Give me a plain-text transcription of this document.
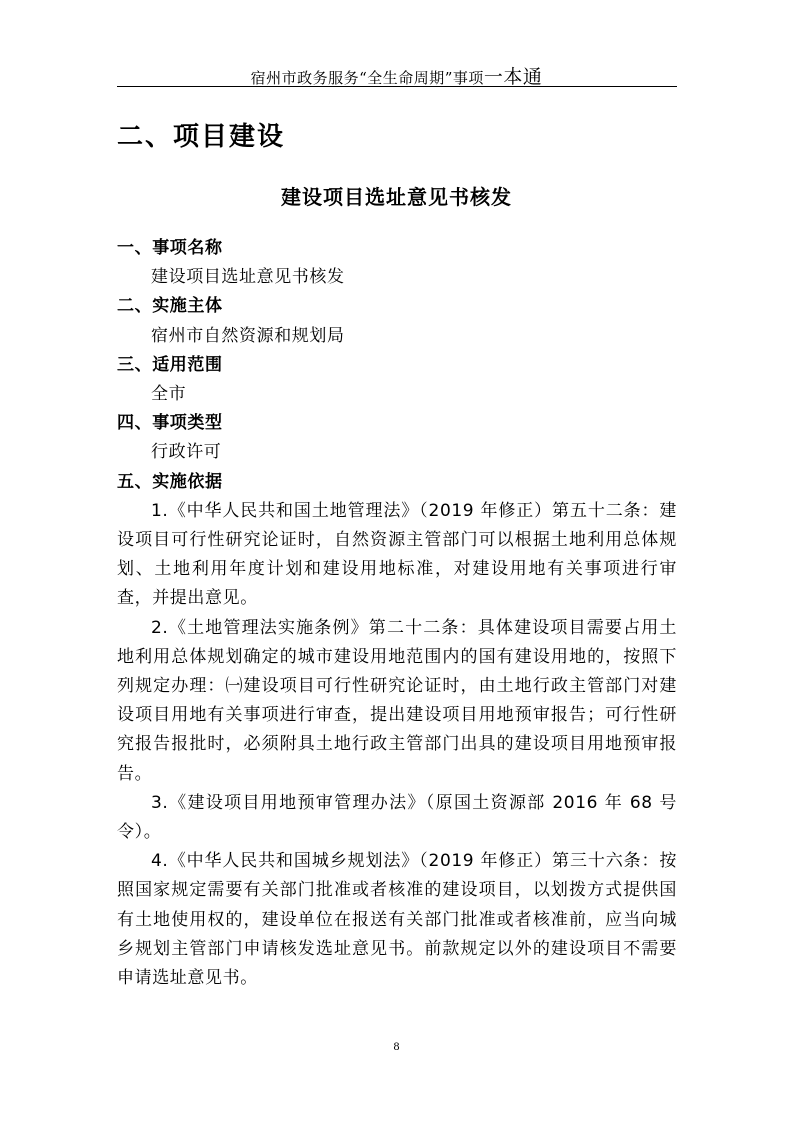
宿州市政务服务“全生命周期”事项一本通
二、项目建设
建设项目选址意见书核发
一、事项名称
建设项目选址意见书核发
二、实施主体
宿州市自然资源和规划局
三、适用范围
全市
四、事项类型
行政许可
五、实施依据
1.《中华人民共和国土地管理法》（2019 年修正）第五十二条：建设项目可行性研究论证时，自然资源主管部门可以根据土地利用总体规划、土地利用年度计划和建设用地标准，对建设用地有关事项进行审查，并提出意见。
2.《土地管理法实施条例》第二十二条：具体建设项目需要占用土地利用总体规划确定的城市建设用地范围内的国有建设用地的，按照下列规定办理：㈠建设项目可行性研究论证时，由土地行政主管部门对建设项目用地有关事项进行审查，提出建设项目用地预审报告；可行性研究报告报批时，必须附具土地行政主管部门出具的建设项目用地预审报告。
3.《建设项目用地预审管理办法》（原国土资源部 2016 年 68 号令）。
4.《中华人民共和国城乡规划法》（2019 年修正）第三十六条：按照国家规定需要有关部门批准或者核准的建设项目，以划拨方式提供国有土地使用权的，建设单位在报送有关部门批准或者核准前，应当向城乡规划主管部门申请核发选址意见书。前款规定以外的建设项目不需要申请选址意见书。
8
